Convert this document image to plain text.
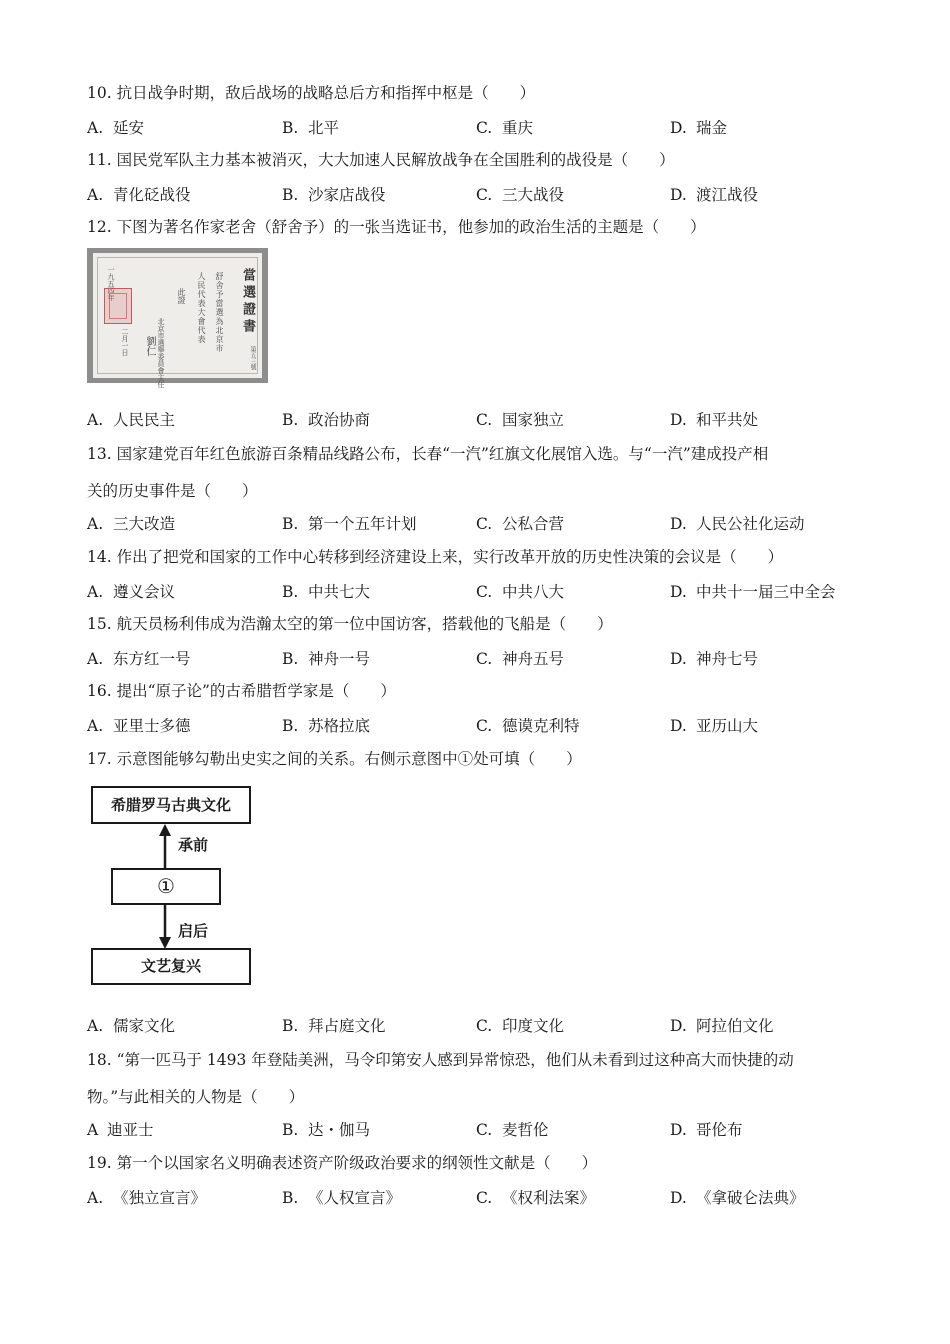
10. 抗日战争时期，敌后战场的战略总后方和指挥中枢是（　　）
A. 延安	B. 北平	C. 重庆	D. 瑞金
11. 国民党军队主力基本被消灭，大大加速人民解放战争在全国胜利的战役是（　　）
A. 青化砭战役	B. 沙家店战役	C. 三大战役	D. 渡江战役
12. 下图为著名作家老舍（舒舍予）的一张当选证书，他参加的政治生活的主题是（　　）
當選證書
舒舍予當選為北京市
人民代表大會代表
此證
北京市選舉委員會主任
劉仁
一九五四年
二月一日
第五三號
A. 人民民主	B. 政治协商	C. 国家独立	D. 和平共处
13. 国家建党百年红色旅游百条精品线路公布，长春“一汽”红旗文化展馆入选。与“一汽”建成投产相
关的历史事件是（　　）
A. 三大改造	B. 第一个五年计划	C. 公私合营	D. 人民公社化运动
14. 作出了把党和国家的工作中心转移到经济建设上来，实行改革开放的历史性决策的会议是（　　）
A. 遵义会议	B. 中共七大	C. 中共八大	D. 中共十一届三中全会
15. 航天员杨利伟成为浩瀚太空的第一位中国访客，搭载他的飞船是（　　）
A. 东方红一号	B. 神舟一号	C. 神舟五号	D. 神舟七号
16. 提出“原子论”的古希腊哲学家是（　　）
A. 亚里士多德	B. 苏格拉底	C. 德谟克利特	D. 亚历山大
17. 示意图能够勾勒出史实之间的关系。右侧示意图中①处可填（　　）
希腊罗马古典文化
承前
①
启后
文艺复兴
A. 儒家文化	B. 拜占庭文化	C. 印度文化	D. 阿拉伯文化
18. “第一匹马于 1493 年登陆美洲，马令印第安人感到异常惊恐，他们从未看到过这种高大而快捷的动
物。”与此相关的人物是（　　）
A 迪亚士	B. 达・伽马	C. 麦哲伦	D. 哥伦布
19. 第一个以国家名义明确表述资产阶级政治要求的纲领性文献是（　　）
A. 《独立宣言》	B. 《人权宣言》	C. 《权利法案》	D. 《拿破仑法典》
